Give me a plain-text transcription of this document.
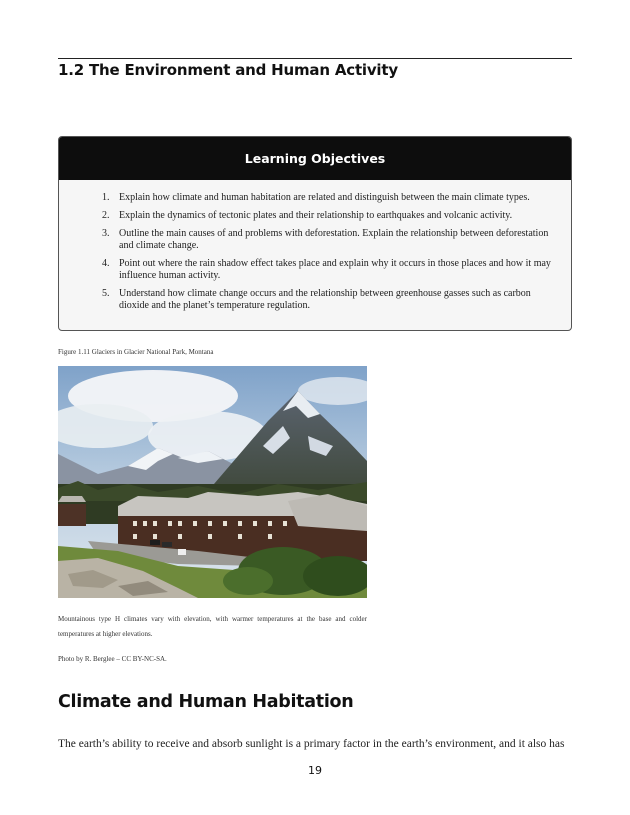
1.2 The Environment and Human Activity
Learning Objectives
1. Explain how climate and human habitation are related and distinguish between the main climate types.
2. Explain the dynamics of tectonic plates and their relationship to earthquakes and volcanic activity.
3. Outline the main causes of and problems with deforestation. Explain the relationship between deforestation and climate change.
4. Point out where the rain shadow effect takes place and explain why it occurs in those places and how it may influence human activity.
5. Understand how climate change occurs and the relationship between greenhouse gasses such as carbon dioxide and the planet’s temperature regulation.
Figure 1.11 Glaciers in Glacier National Park, Montana
Mountainous type H climates vary with elevation, with warmer temperatures at the base and colder temperatures at higher elevations.
Photo by R. Berglee – CC BY-NC-SA.
Climate and Human Habitation
The earth’s ability to receive and absorb sunlight is a primary factor in the earth’s environment, and it also has
19
